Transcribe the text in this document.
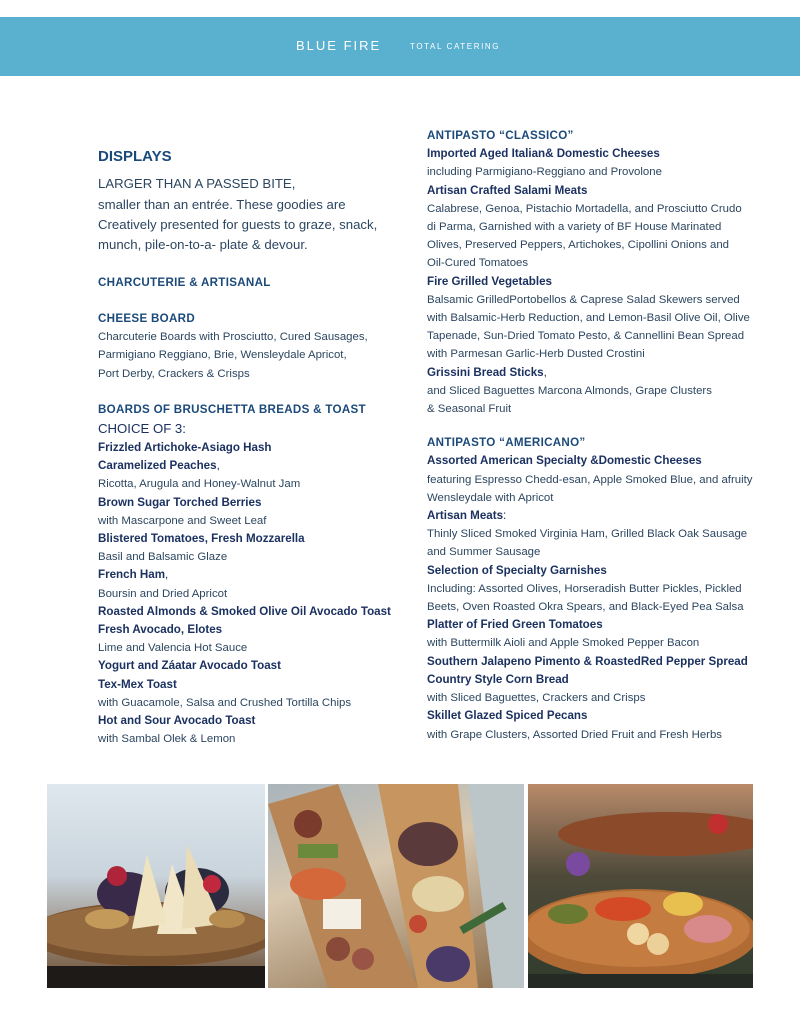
BLUE FIRE	TOTAL CATERING
DISPLAYS
LARGER THAN A PASSED BITE,
smaller than an entrée. These goodies are
Creatively presented for guests to graze, snack,
munch, pile-on-to-a- plate & devour.
CHARCUTERIE & ARTISANAL
CHEESE BOARD
Charcuterie Boards with Prosciutto, Cured Sausages,
Parmigiano Reggiano, Brie, Wensleydale Apricot,
Port Derby, Crackers & Crisps
BOARDS OF BRUSCHETTA BREADS & TOAST
CHOICE OF 3:
Frizzled Artichoke-Asiago Hash
Caramelized Peaches,
Ricotta, Arugula and Honey-Walnut Jam
Brown Sugar Torched Berries
with Mascarpone and Sweet Leaf
Blistered Tomatoes, Fresh Mozzarella
Basil and Balsamic Glaze
French Ham,
Boursin and Dried Apricot
Roasted Almonds & Smoked Olive Oil Avocado Toast
Fresh Avocado, Elotes
Lime and Valencia Hot Sauce
Yogurt and Záatar Avocado Toast
Tex-Mex Toast
with Guacamole, Salsa and Crushed Tortilla Chips
Hot and Sour Avocado Toast
with Sambal Olek & Lemon
ANTIPASTO “CLASSICO”
Imported Aged Italian& Domestic Cheeses
including Parmigiano-Reggiano and Provolone
Artisan Crafted Salami Meats
Calabrese, Genoa, Pistachio Mortadella, and Prosciutto Crudo
di Parma, Garnished with a variety of BF House Marinated
Olives, Preserved Peppers, Artichokes, Cipollini Onions and
Oil-Cured Tomatoes
Fire Grilled Vegetables
Balsamic GrilledPortobellos & Caprese Salad Skewers served
with Balsamic-Herb Reduction, and Lemon-Basil Olive Oil, Olive
Tapenade, Sun-Dried Tomato Pesto, & Cannellini Bean Spread
with Parmesan Garlic-Herb Dusted Crostini
Grissini Bread Sticks,
and Sliced Baguettes Marcona Almonds, Grape Clusters
& Seasonal Fruit
ANTIPASTO “AMERICANO”
Assorted American Specialty &Domestic Cheeses
featuring Espresso Chedd-esan, Apple Smoked Blue, and afruity
Wensleydale with Apricot
Artisan Meats:
Thinly Sliced Smoked Virginia Ham, Grilled Black Oak Sausage
and Summer Sausage
Selection of Specialty Garnishes
Including: Assorted Olives, Horseradish Butter Pickles, Pickled
Beets, Oven Roasted Okra Spears, and Black-Eyed Pea Salsa
Platter of Fried Green Tomatoes
with Buttermilk Aioli and Apple Smoked Pepper Bacon
Southern Jalapeno Pimento & RoastedRed Pepper Spread
Country Style Corn Bread
with Sliced Baguettes, Crackers and Crisps
Skillet Glazed Spiced Pecans
with Grape Clusters, Assorted Dried Fruit and Fresh Herbs
